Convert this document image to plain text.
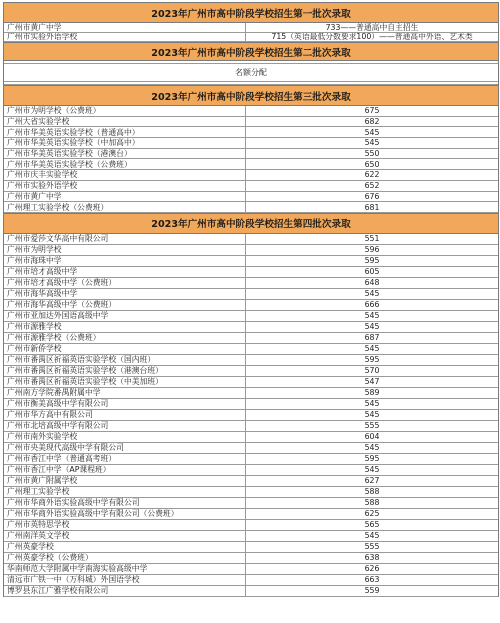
2023年广州市高中阶段学校招生第一批次录取
广州市黄广中学	733——普通高中自主招生
广州市实验外语学校	715（英语最低分数要求100）——普通高中外语、艺术类
2023年广州市高中阶段学校招生第二批次录取
名额分配
2023年广州市高中阶段学校招生第三批次录取
广州市为明学校（公费班）	675
广州大省实验学校	682
广州市华美英语实验学校（普通高中）	545
广州市华美英语实验学校（中加高中）	545
广州市华美英语实验学校（港澳台）	550
广州市华美英语实验学校（公费班）	650
广州市庆丰实验学校	622
广州市实验外语学校	652
广州市黄广中学	676
广州理工实验学校（公费班）	681
2023年广州市高中阶段学校招生第四批次录取
广州市爱莎文华高中有限公司	551
广州市为明学校	596
广州市海珠中学	595
广州市培才高级中学	605
广州市培才高级中学（公费班）	648
广州市海华高级中学	545
广州市海华高级中学（公费班）	666
广州市亚加达外国语高级中学	545
广州市源雅学校	545
广州市源雅学校（公费班）	687
广州市新侨学校	545
广州市番禺区祈福英语实验学校（国内班）	595
广州市番禺区祈福英语实验学校（港澳台班）	570
广州市番禺区祈福英语实验学校（中美加班）	547
广州南方学院番禺附属中学	589
广州市衡美高级中学有限公司	545
广州市华方高中有限公司	545
广州市北培高级中学有限公司	555
广州市南外实验学校	604
广州市央美现代高级中学有限公司	545
广州市香江中学（普通高考班）	595
广州市香江中学（AP课程班）	545
广州市黄广附属学校	627
广州理工实验学校	588
广州市华商外语实验高级中学有限公司	588
广州市华商外语实验高级中学有限公司（公费班）	625
广州市英特思学校	565
广州南洋英文学校	545
广州英豪学校	555
广州英豪学校（公费班）	638
华南师范大学附属中学南海实验高级中学	626
清远市广铁一中（万科城）外国语学校	663
博罗县东江广雅学校有限公司	559
